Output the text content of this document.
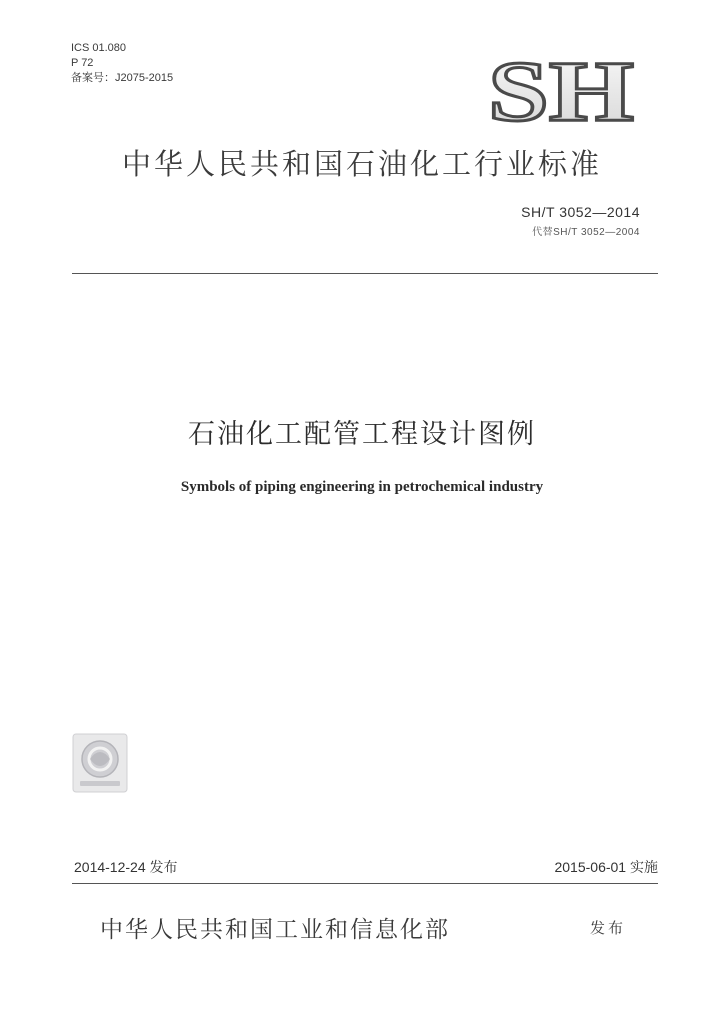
ICS 01.080
P 72
备案号：J2075-2015	SH
中华人民共和国石油化工行业标准
SH/T 3052—2014
代替SH/T 3052—2004
石油化工配管工程设计图例
Symbols of piping engineering in petrochemical industry
2014-12-24 发布	2015-06-01 实施
中华人民共和国工业和信息化部	发布
